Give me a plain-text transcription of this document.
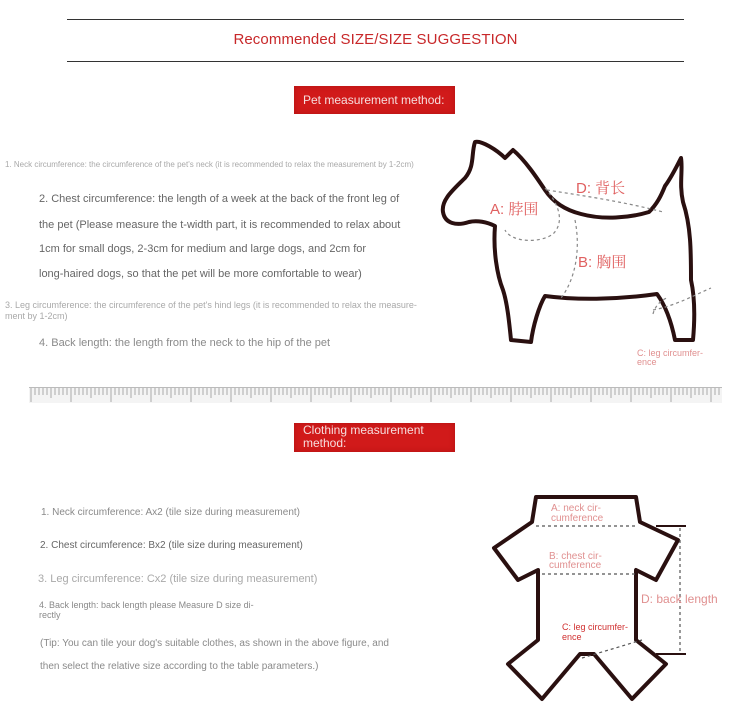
Recommended SIZE/SIZE SUGGESTION
Pet measurement method:
1. Neck circumference: the circumference of the pet's neck (it is recommended to relax the measurement by 1-2cm)
2. Chest circumference: the length of a week at the back of the front leg of
the pet (Please measure the t-width part, it is recommended to relax about
1cm for small dogs, 2-3cm for medium and large dogs, and 2cm for
long-haired dogs, so that the pet will be more comfortable to wear)
3. Leg circumference: the circumference of the pet's hind legs (it is recommended to relax the measure-
ment by 1-2cm)
4. Back length: the length from the neck to the hip of the pet
A: 脖围
D: 背长
B: 胸围
C: leg circumfer-
ence
Clothing measurement
method:
1. Neck circumference: Ax2 (tile size during measurement)
2. Chest circumference: Bx2 (tile size during measurement)
3. Leg circumference: Cx2 (tile size during measurement)
4. Back length: back length please Measure D size di-
rectly
(Tip: You can tile your dog's suitable clothes, as shown in the above figure, and
then select the relative size according to the table parameters.)
A: neck cir-
cumference
B: chest cir-
cumference
C: leg circumfer-
ence
D: back length
